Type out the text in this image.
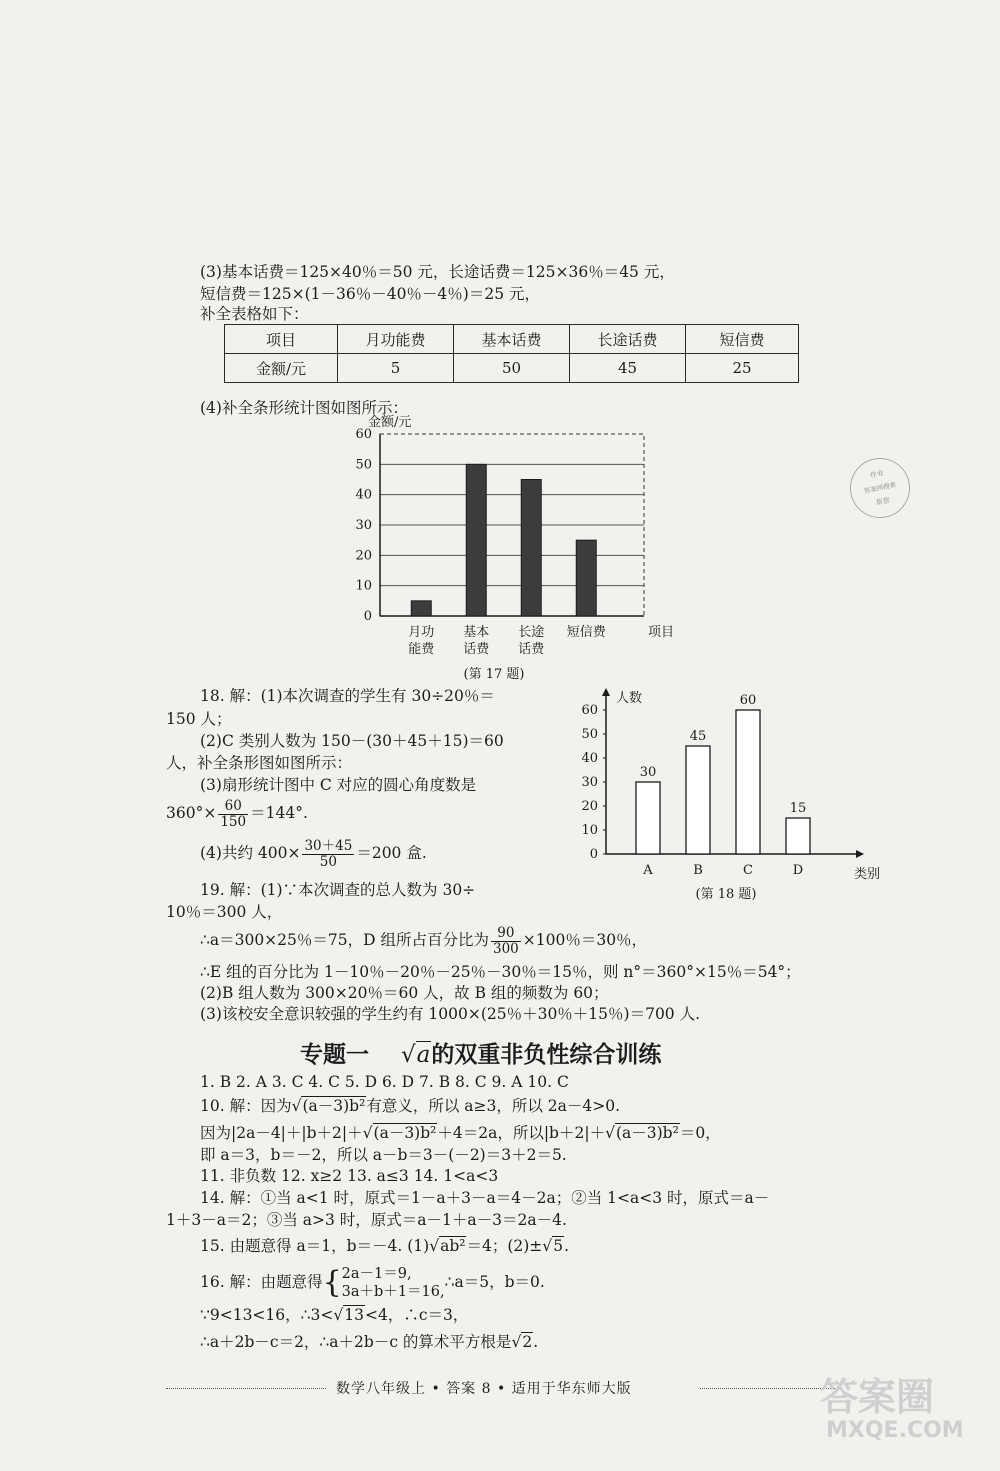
(3)基本话费＝125×40％＝50 元，长途话费＝125×36％＝45 元，
短信费＝125×(1－36％－40％－4％)＝25 元，
补全表格如下：
项目	月功能费	基本话费	长途话费	短信费
金额/元	5	50	45	25
(4)补全条形统计图如图所示：
金额/元
0
10
20
30
40
50
60
月功
能费
基本
话费
长途
话费
短信费	项目
(第 17 题)
18. 解：(1)本次调查的学生有 30÷20％＝
150 人；
(2)C 类别人数为 150－(30＋45＋15)＝60
人，补全条形图如图所示：
(3)扇形统计图中 C 对应的圆心角度数是
$360^\circ\times \frac{60}{150} =144^\circ$.
(4)共约 $400\times \frac{30+45}{50} =200$ 盒.
人数
0
10
20
30
40
50
60
30
A
45
B
60
C
15
D	类别
(第 18 题)
19. 解：(1)∵本次调查的总人数为 30÷
10％＝300 人，
∴a＝300×25％＝75，D 组所占百分比为 $\frac{90}{300} \times 100$％＝30％，
∴E 组的百分比为 1－10％－20％－25％－30％＝15％，则 n°＝360°×15％＝54°；
(2)B 组人数为 300×20％＝60 人，故 B 组的频数为 60；
(3)该校安全意识较强的学生约有 1000×(25％＋30％＋15％)＝700 人.
专题一 √a的双重非负性综合训练
1. B 2. A 3. C 4. C 5. D 6. D 7. B 8. C 9. A 10. C
10. 解：因为√(a－3)b²有意义，所以 a≥3，所以 2a－4>0.
因为|2a－4|＋|b＋2|＋√(a－3)b²＋4＝2a，所以|b＋2|＋√(a－3)b²＝0，
即 a＝3，b＝－2，所以 a－b＝3－(－2)＝3＋2＝5.
11. 非负数 12. x≥2 13. a≤3 14. 1<a<3
14. 解：①当 a<1 时，原式＝1－a＋3－a＝4－2a；②当 1<a<3 时，原式＝a－
1＋3－a＝2；③当 a>3 时，原式＝a－1＋a－3＝2a－4.
15. 由题意得 a＝1，b＝－4. (1)√ab²＝4；(2)±√5.
16. 解：由题意得{ 2a－1＝9,
3a＋b＋1＝16,
∴a＝5，b＝0.
∵9<13<16，∴3<√13<4，∴c＝3，
∴a＋2b－c＝2，∴a＋2b－c 的算术平方根是√2.
数学八年级上 • 答案 8 • 适用于华东师大版
作业
答案网搜索
帮您
答案圈
MXQE.COM
